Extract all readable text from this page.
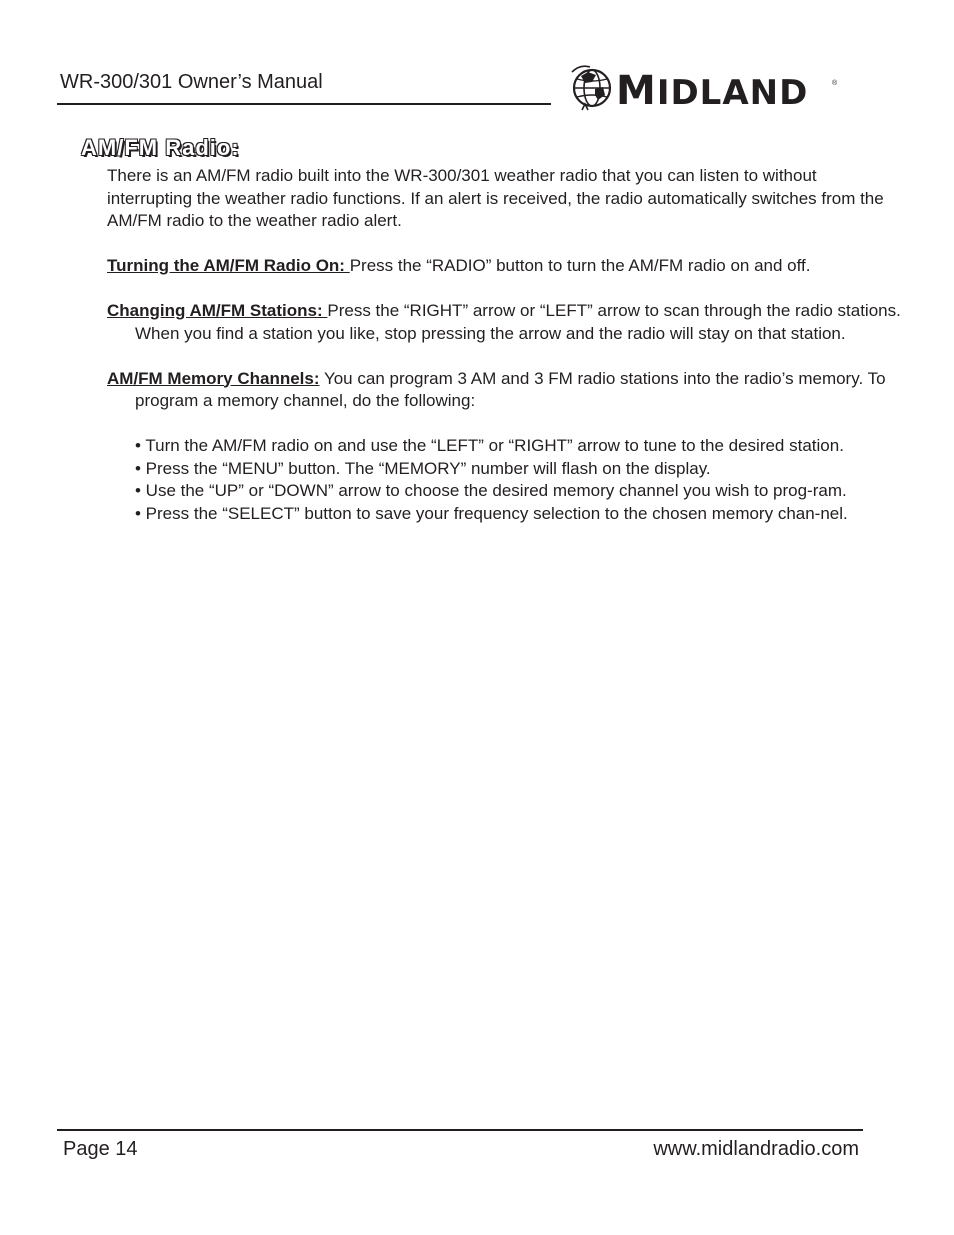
WR-300/301 Owner’s Manual	MIDLAND	®
AM/FM Radio:

There is an AM/FM radio built into the WR-300/301 weather radio that you can listen to without interrupting the weather radio functions. If an alert is received, the radio automatically switches from the AM/FM radio to the weather radio alert.

Turning the AM/FM Radio On: Press the “RADIO” button to turn the AM/FM radio on and off.

Changing AM/FM Stations: Press the “RIGHT” arrow or “LEFT” arrow to scan through the radio stations. When you find a station you like, stop pressing the arrow and the radio will stay on that station.

AM/FM Memory Channels: You can program 3 AM and 3 FM radio stations into the radio’s memory. To program a memory channel, do the following:

• Turn the AM/FM radio on and use the “LEFT” or “RIGHT” arrow to tune to the desired station.

• Press the “MENU” button. The “MEMORY” number will flash on the display.

• Use the “UP” or “DOWN” arrow to choose the desired memory channel you wish to prog-ram.

• Press the “SELECT” button to save your frequency selection to the chosen memory chan-nel.

Page 14	www.midlandradio.com
